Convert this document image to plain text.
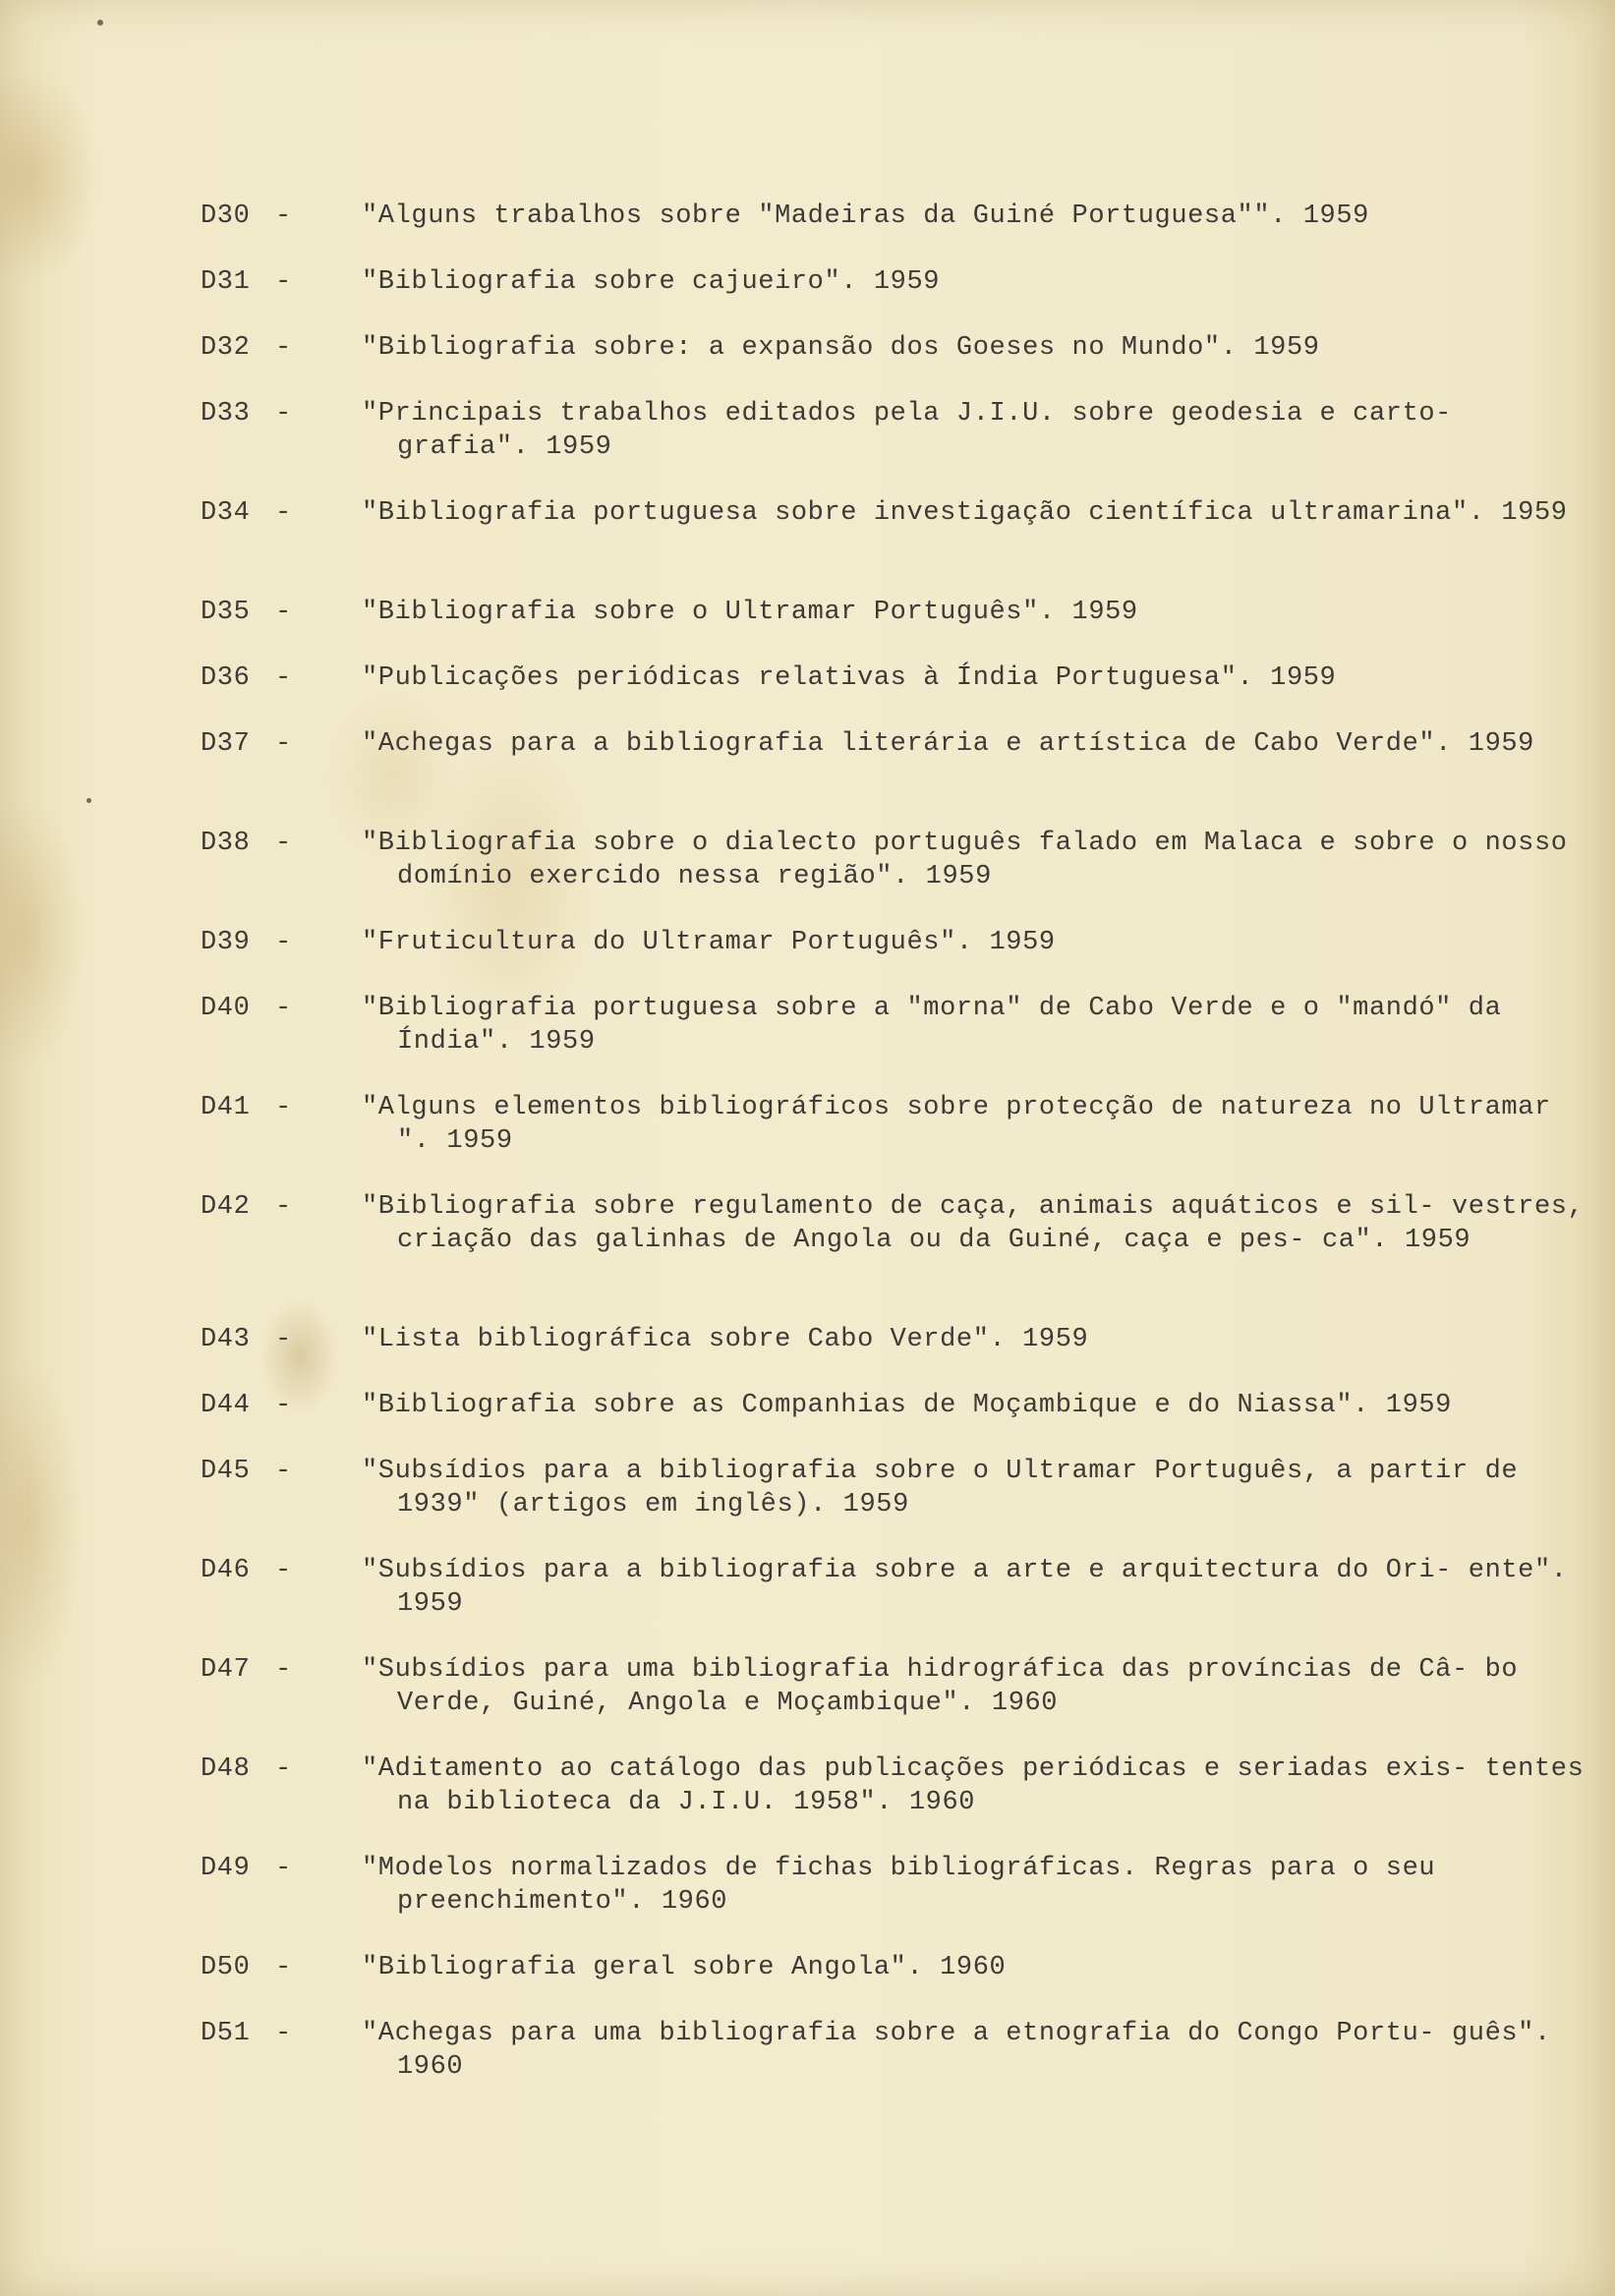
D30 -	"Alguns trabalhos sobre "Madeiras da Guiné Portuguesa"". 1959
D31 -	"Bibliografia sobre cajueiro". 1959
D32 -	"Bibliografia sobre: a expansão dos Goeses no Mundo". 1959
D33 -	"Principais trabalhos editados pela J.I.U. sobre geodesia e carto- grafia". 1959
D34 -	"Bibliografia portuguesa sobre investigação científica ultramarina". 1959
D35 -	"Bibliografia sobre o Ultramar Português". 1959
D36 -	"Publicações periódicas relativas à Índia Portuguesa". 1959
D37 -	"Achegas para a bibliografia literária e artística de Cabo Verde". 1959
D38 -	"Bibliografia sobre o dialecto português falado em Malaca e sobre o nosso domínio exercido nessa região". 1959
D39 -	"Fruticultura do Ultramar Português". 1959
D40 -	"Bibliografia portuguesa sobre a "morna" de Cabo Verde e o "mandó" da Índia". 1959
D41 -	"Alguns elementos bibliográficos sobre protecção de natureza no Ultramar ". 1959
D42 -	"Bibliografia sobre regulamento de caça, animais aquáticos e sil- vestres, criação das galinhas de Angola ou da Guiné, caça e pes- ca". 1959
D43 -	"Lista bibliográfica sobre Cabo Verde". 1959
D44 -	"Bibliografia sobre as Companhias de Moçambique e do Niassa". 1959
D45 -	"Subsídios para a bibliografia sobre o Ultramar Português, a partir de 1939" (artigos em inglês). 1959
D46 -	"Subsídios para a bibliografia sobre a arte e arquitectura do Ori- ente". 1959
D47 -	"Subsídios para uma bibliografia hidrográfica das províncias de Câ- bo Verde, Guiné, Angola e Moçambique". 1960
D48 -	"Aditamento ao catálogo das publicações periódicas e seriadas exis- tentes na biblioteca da J.I.U. 1958". 1960
D49 -	"Modelos normalizados de fichas bibliográficas. Regras para o seu preenchimento". 1960
D50 -	"Bibliografia geral sobre Angola". 1960
D51 -	"Achegas para uma bibliografia sobre a etnografia do Congo Portu- guês". 1960
